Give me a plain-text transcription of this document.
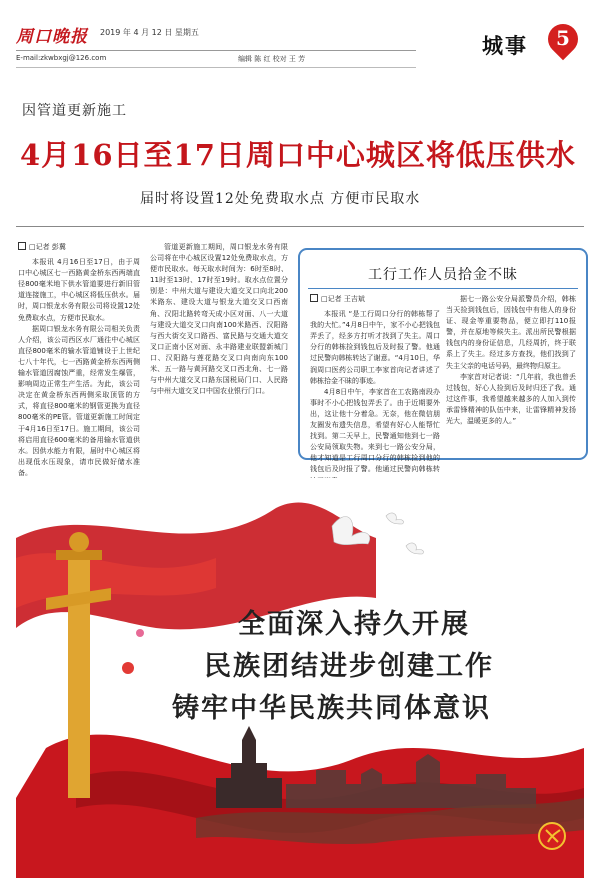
周口晚报 2019 年 4 月 12 日 星期五
E-mail:zkwbxgj@126.com	编辑 陈 红 校对 王 芳
城事	5
因管道更新施工
4月16日至17日周口中心城区将低压供水
届时将设置12处免费取水点 方便市民取水
□记者 彭冀

本报讯 4月16日至17日，由于周口中心城区七一西路黄金桥东西两端直径800毫米地下供水管道要进行新旧管道连接施工，中心城区将低压供水。届时，周口银龙水务有限公司将设置12处免费取水点，方便市民取水。

据周口银龙水务有限公司相关负责人介绍，该公司西区水厂通往中心城区直径800毫米的输水管道铺设于上世纪七八十年代，七一西路黄金桥东西两侧输水管道因腐蚀严重，经常发生爆管，影响周边正常生产生活。为此，该公司决定在黄金桥东西两侧采取顶管的方式，将直径800毫米的钢管更换为直径800毫米的PE管。管道更新施工时间定于4月16日至17日。施工期间，该公司将启用直径600毫米的备用输水管道供水。因供水能力有限，届时中心城区将出现低水压现象，请市民做好储水准备。

管道更新施工期间，周口银龙水务有限公司将在中心城区设置12处免费取水点，方便市民取水。每天取水时间为：6时至8时、11时至13时、17时至19时。取水点位置分别是：中州大道与建设大道交叉口向北200米路东、建设大道与银龙大道交叉口西南角、汉阳北路转弯天成小区对面、八一大道与建设大道交叉口向南100米路西、汉阳路与西大街交叉口路西、富民路与交通大道交叉口正南小区对面、永丰路建业联盟新城门口、汉阳路与莲花路交叉口向南向东100米、五一路与黄河路交叉口西北角、七一路与中州大道交叉口路东国税局门口、人民路与中州大道交叉口中国农业银行门口。

工行工作人员拾金不昧
□记者 王吉斌

本报讯 “是工行周口分行的韩栋帮了我的大忙。”4月8日中午，家不小心把钱包弄丢了，经多方打听才找到了失主。周口分行的韩栋捡到钱包后及时报了警。他通过民警向韩栋转达了谢意。“4月10日，华润周口医药公司职工李家首向记者讲述了韩栋拾金不昧的事迹。

4月8日中午，李家首在工农路南段办事时不小心把钱包弄丢了。由于近期要外出，这让他十分着急。无奈，他在微信朋友圈发布遗失信息，希望有好心人能帮忙找到。第二天早上，民警通知他到七一路公安局领取失物。来到七一路公安分局，他才知道是工行周口分行的韩栋捡到他的钱包后及时报了警。他通过民警向韩栋转

据七一路公安分局派警员介绍，韩栋当天捡到钱包后，因钱包中有他人的身份证、现金等重要物品，便立即打110报警，并在原地等候失主。派出所民警根据钱包内的身份证信息，几经周折，终于联系上了失主。经过多方查找，他们找到了失主父亲的电话号码，最终物归原主。

李家首对记者说：“几年前，我也曾丢过钱包，好心人捡到后及时归还了我。通过这件事，我希望越来越多的人加入到传承雷锋精神的队伍中来，让雷锋精神发扬光大，温暖更多的人。”

全面深入持久开展
民族团结进步创建工作
铸牢中华民族共同体意识
